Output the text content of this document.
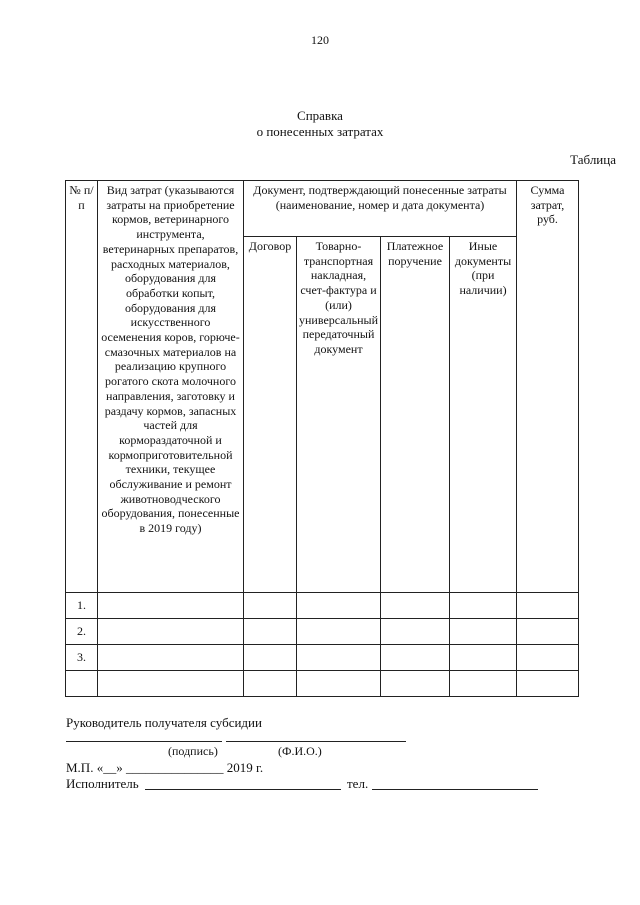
120
Справка
о понесенных затратах
Таблица
№ п/п	Вид затрат (указываются затраты на приобретение кормов, ветеринарного инструмента, ветеринарных препаратов, расходных материалов, оборудования для обработки копыт, оборудования для искусственного осеменения коров, горюче-смазочных материалов на реализацию крупного рогатого скота молочного направления, заготовку и раздачу кормов, запасных частей для кормораздаточной и кормоприготовительной техники, текущее обслуживание и ремонт животноводческого оборудования, понесенные в 2019 году)	Документ, подтверждающий понесенные затраты (наименование, номер и дата документа)				Сумма затрат, руб.
		Договор	Товарно-транспортная накладная, счет-фактура и (или) универсальный передаточный документ	Платежное поручение	Иные документы (при наличии)	
1.						
2.						
3.						

Руководитель получателя субсидии
(подпись)	(Ф.И.О.)
М.П. «__» _______________ 2019 г.
Исполнитель	тел.
